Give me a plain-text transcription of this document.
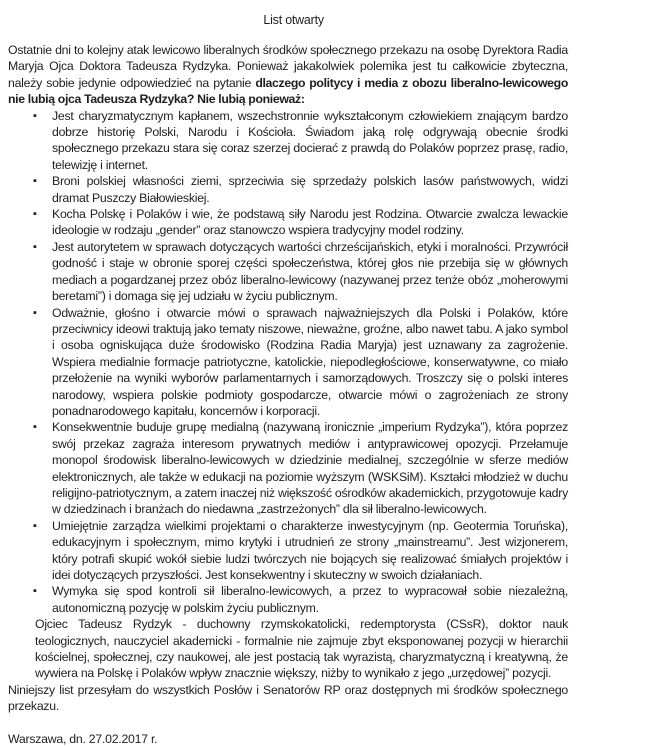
List otwarty

Ostatnie dni to kolejny atak lewicowo liberalnych środków społecznego przekazu na osobę Dyrektora Radia Maryja Ojca Doktora Tadeusza Rydzyka. Ponieważ jakakolwiek polemika jest tu całkowicie zbyteczna, należy sobie jedynie odpowiedzieć na pytanie dlaczego politycy i media z obozu liberalno-lewicowego nie lubią ojca Tadeusza Rydzyka? Nie lubią ponieważ:

▪ Jest charyzmatycznym kapłanem, wszechstronnie wykształconym człowiekiem znającym bardzo dobrze historię Polski, Narodu i Kościoła. Świadom jaką rolę odgrywają obecnie środki społecznego przekazu stara się coraz szerzej docierać z prawdą do Polaków poprzez prasę, radio, telewizję i internet.
▪ Broni polskiej własności ziemi, sprzeciwia się sprzedaży polskich lasów państwowych, widzi dramat Puszczy Białowieskiej.
▪ Kocha Polskę i Polaków i wie, że podstawą siły Narodu jest Rodzina. Otwarcie zwalcza lewackie ideologie w rodzaju „gender” oraz stanowczo wspiera tradycyjny model rodziny.
▪ Jest autorytetem w sprawach dotyczących wartości chrześcijańskich, etyki i moralności. Przywrócił godność i staje w obronie sporej części społeczeństwa, której głos nie przebija się w głównych mediach a pogardzanej przez obóz liberalno-lewicowy (nazywanej przez tenże obóz „moherowymi beretami”) i domaga się jej udziału w życiu publicznym.
▪ Odważnie, głośno i otwarcie mówi o sprawach najważniejszych dla Polski i Polaków, które przeciwnicy ideowi traktują jako tematy niszowe, nieważne, groźne, albo nawet tabu. A jako symbol i osoba ogniskująca duże środowisko (Rodzina Radia Maryja) jest uznawany za zagrożenie. Wspiera medialnie formacje patriotyczne, katolickie, niepodległościowe, konserwatywne, co miało przełożenie na wyniki wyborów parlamentarnych i samorządowych. Troszczy się o polski interes narodowy, wspiera polskie podmioty gospodarcze, otwarcie mówi o zagrożeniach ze strony ponadnarodowego kapitału, koncernów i korporacji.
▪ Konsekwentnie buduje grupę medialną (nazywaną ironicznie „imperium Rydzyka”), która poprzez swój przekaz zagraża interesom prywatnych mediów i antyprawicowej opozycji. Przełamuje monopol środowisk liberalno-lewicowych w dziedzinie medialnej, szczególnie w sferze mediów elektronicznych, ale także w edukacji na poziomie wyższym (WSKSiM). Kształci młodzież w duchu religijno-patriotycznym, a zatem inaczej niż większość ośrodków akademickich, przygotowuje kadry w dziedzinach i branżach do niedawna „zastrzeżonych” dla sił liberalno-lewicowych.
▪ Umiejętnie zarządza wielkimi projektami o charakterze inwestycyjnym (np. Geotermia Toruńska), edukacyjnym i społecznym, mimo krytyki i utrudnień ze strony „mainstreamu”. Jest wizjonerem, który potrafi skupić wokół siebie ludzi twórczych nie bojących się realizować śmiałych projektów i idei dotyczących przyszłości. Jest konsekwentny i skuteczny w swoich działaniach.
▪ Wymyka się spod kontroli sił liberalno-lewicowych, a przez to wypracował sobie niezależną, autonomiczną pozycję w polskim życiu publicznym.

Ojciec Tadeusz Rydzyk - duchowny rzymskokatolicki, redemptorysta (CSsR), doktor nauk teologicznych, nauczyciel akademicki - formalnie nie zajmuje zbyt eksponowanej pozycji w hierarchii kościelnej, społecznej, czy naukowej, ale jest postacią tak wyrazistą, charyzmatyczną i kreatywną, że wywiera na Polskę i Polaków wpływ znacznie większy, niżby to wynikało z jego „urzędowej” pozycji.

Niniejszy list przesyłam do wszystkich Posłów i Senatorów RP oraz dostępnych mi środków społecznego przekazu.

Warszawa, dn. 27.02.2017 r.
